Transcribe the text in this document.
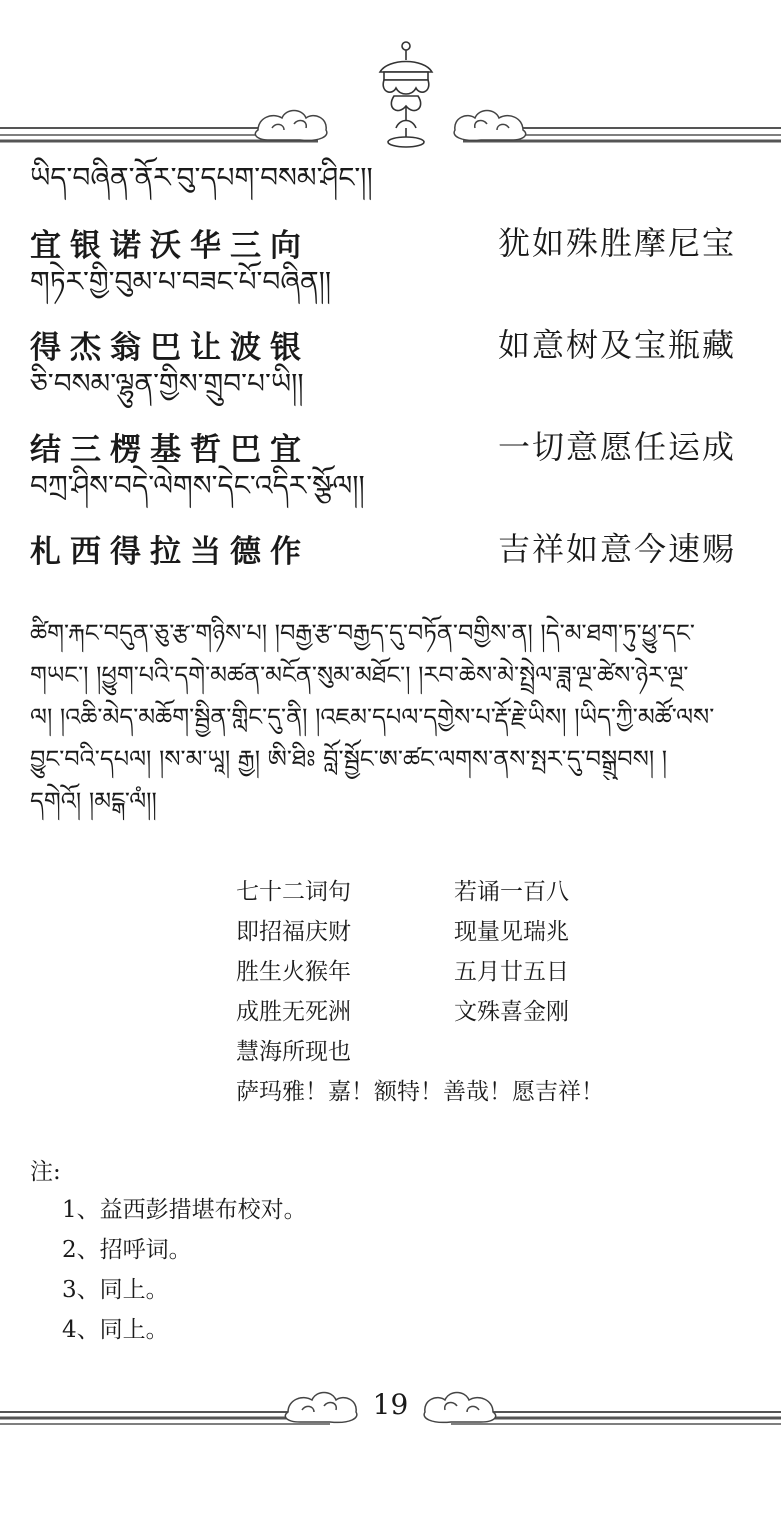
ཡིད་བཞིན་ནོར་བུ་དཔག་བསམ་ཤིང་།།
宜银诺沃华三向	犹如殊胜摩尼宝
གཏེར་གྱི་བུམ་པ་བཟང་པོ་བཞིན།།
得杰翁巴让波银	如意树及宝瓶藏
ཅི་བསམ་ལྷུན་གྱིས་གྲུབ་པ་ཡི།།
结三楞基哲巴宜	一切意愿任运成
བཀྲ་ཤིས་བདེ་ལེགས་དེང་འདིར་སྩོལ།།
札西得拉当德作	吉祥如意今速赐
ཚིག་རྐང་བདུན་ཅུ་རྩ་གཉིས་པ། །བརྒྱ་རྩ་བརྒྱད་དུ་བཏོན་བགྱིས་ན། །དེ་མ་ཐག་ཏུ་ཕྱུ་དང་
གཡང་། །ཕྱུག་པའི་དགེ་མཚན་མངོན་སུམ་མཐོང་། །རབ་ཆེས་མེ་སྤྲེལ་ཟླ་ལྔ་ཚེས་ཉེར་ལྔ་
ལ། །འཆི་མེད་མཆོག་སྦྱིན་གླིང་དུ་ནི། །འཇམ་དཔལ་དགྱེས་པ་རྡོ་རྗེ་ཡིས། །ཡིད་ཀྱི་མཚོ་ལས་
བྱུང་བའི་དཔལ། །ས་མ་ཡཱ། རྒྱ། ཨི་ཐིཿ བློ་སྦྱོང་ཨ་ཚང་ལགས་ནས་སྤར་དུ་བསྒྲུབས། །
དགེའོ། །མངྒ་ལཾ།།
七十二词句	若诵一百八
即招福庆财	现量见瑞兆
胜生火猴年	五月廿五日
成胜无死洲	文殊喜金刚
慧海所现也
萨玛雅！嘉！额特！善哉！愿吉祥！
注:
1、益西彭措堪布校对。
2、招呼词。
3、同上。
4、同上。
19
